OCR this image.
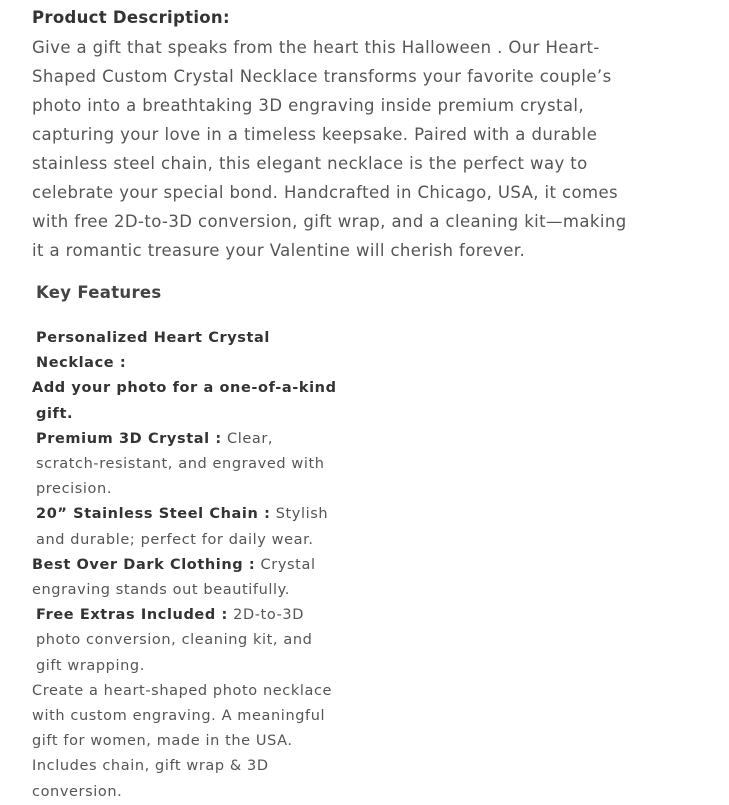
Product Description:
Give a gift that speaks from the heart this Halloween . Our Heart-Shaped Custom Crystal Necklace transforms your favorite couple’s photo into a breathtaking 3D engraving inside premium crystal, capturing your love in a timeless keepsake. Paired with a durable stainless steel chain, this elegant necklace is the perfect way to celebrate your special bond. Handcrafted in Chicago, USA, it comes with free 2D-to-3D conversion, gift wrap, and a cleaning kit—making it a romantic treasure your Valentine will cherish forever.
Key Features

Personalized Heart Crystal Necklace :
Add your photo for a one-of-a-kind gift.

Premium 3D Crystal : Clear, scratch-resistant, and engraved with precision.

20” Stainless Steel Chain : Stylish and durable; perfect for daily wear.

Best Over Dark Clothing : Crystal engraving stands out beautifully.

Free Extras Included : 2D-to-3D photo conversion, cleaning kit, and gift wrapping.

Create a heart-shaped photo necklace with custom engraving. A meaningful gift for women, made in the USA.

Includes chain, gift wrap & 3D conversion.
